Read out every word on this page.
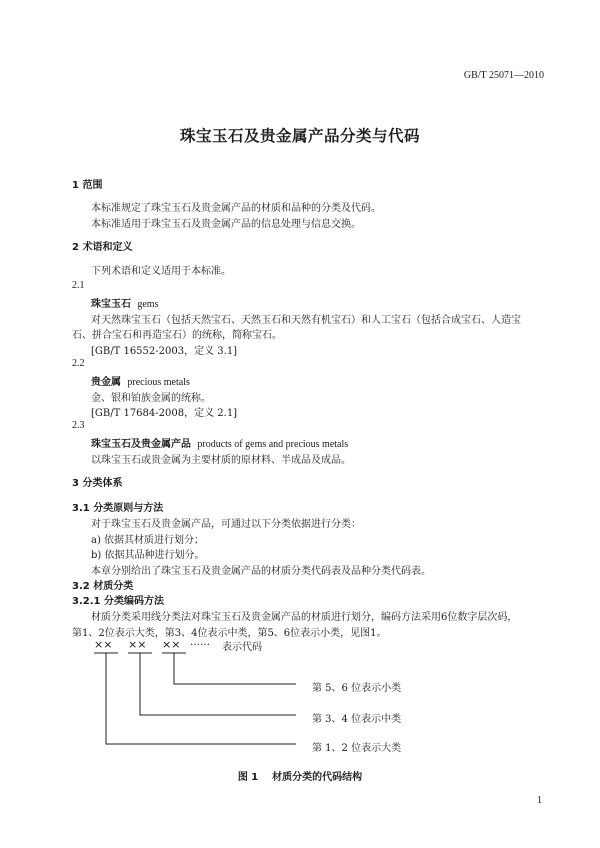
GB/T 25071—2010
珠宝玉石及贵金属产品分类与代码
1 范围
本标准规定了珠宝玉石及贵金属产品的材质和品种的分类及代码。
本标准适用于珠宝玉石及贵金属产品的信息处理与信息交换。
2 术语和定义
下列术语和定义适用于本标准。
2.1
珠宝玉石 gems
对天然珠宝玉石（包括天然宝石、天然玉石和天然有机宝石）和人工宝石（包括合成宝石、人造宝
石、拼合宝石和再造宝石）的统称，简称宝石。
[GB/T 16552-2003，定义 3.1]
2.2
贵金属 precious metals
金、银和铂族金属的统称。
[GB/T 17684-2008，定义 2.1]
2.3
珠宝玉石及贵金属产品 products of gems and precious metals
以珠宝玉石或贵金属为主要材质的原材料、半成品及成品。
3 分类体系
3.1 分类原则与方法
对于珠宝玉石及贵金属产品，可通过以下分类依据进行分类：
a) 依据其材质进行划分；
b) 依据其品种进行划分。
本章分别给出了珠宝玉石及贵金属产品的材质分类代码表及品种分类代码表。
3.2 材质分类
3.2.1 分类编码方法
材质分类采用线分类法对珠宝玉石及贵金属产品的材质进行划分，编码方法采用6位数字层次码，
第1、2位表示大类，第3、4位表示中类，第5、6位表示小类，见图1。
×× ×× ×× …… 表示代码
第 5、6 位表示小类
第 3、4 位表示中类
第 1、2 位表示大类
图 1    材质分类的代码结构
1
